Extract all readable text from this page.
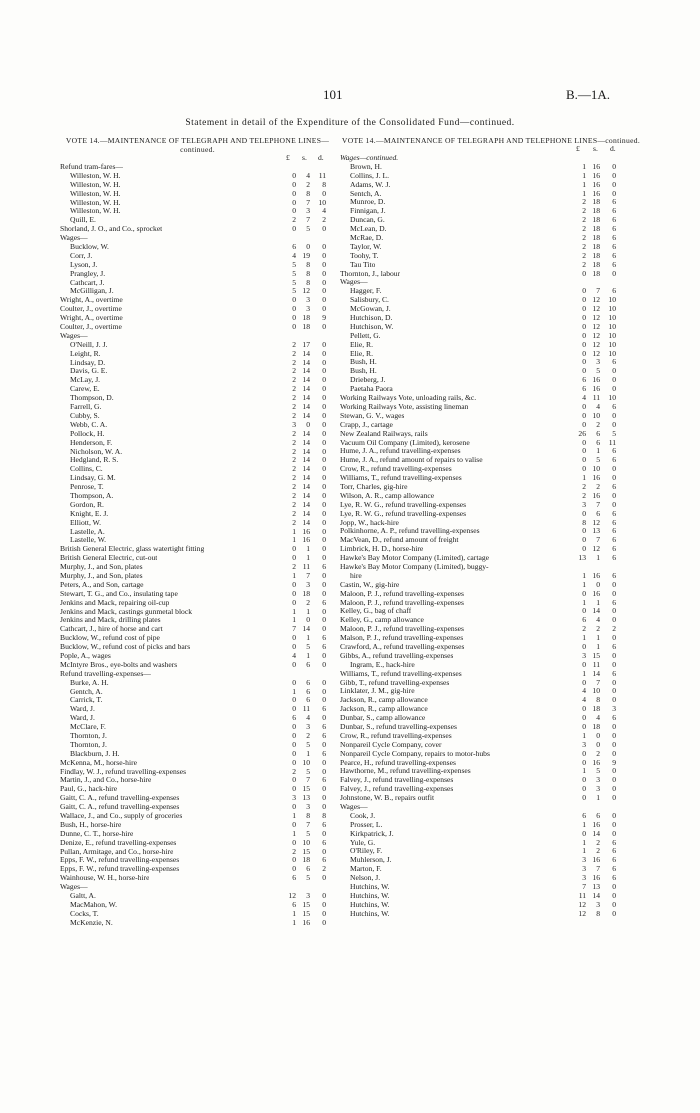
101	B.—1A.
Statement in detail of the Expenditure of the Consolidated Fund—continued.
VOTE 14.—MAINTENANCE OF TELEGRAPH AND TELEPHONE LINES—continued.
£ s. d.
Refund tram-fares—
Willeston, W. H.	0	4	11
Willeston, W. H.	0	2	8
Willeston, W. H.	0	8	0
Willeston, W. H.	0	7	10
Willeston, W. H.	0	3	4
Quill, E.	2	7	2
Shorland, J. O., and Co., sprocket	0	5	0
Wages—
Bucklow, W.	6	0	0
Corr, J.	4 19	0
Lyson, J.	5	8	0
Prangley, J.	5	8	0
Cathcart, J.	5	8	0
McGilligan, J.	5 12	0
Wright, A., overtime	0	3	0
Coulter, J., overtime	0	3	0
Wright, A., overtime	0 18	9
Coulter, J., overtime	0 18	0
Wages—
O'Neill, J. J.	2 17	0
Leight, R.	2 14	0
Lindsay, D.	2 14	0
Davis, G. E.	2 14	0
McLay, J.	2 14	0
Carew, E.	2 14	0
Thompson, D.	2 14	0
Farrell, G.	2 14	0
Cubby, S.	2 14	0
Webb, C. A.	3	0	0
Pollock, H.	2 14	0
Henderson, F.	2 14	0
Nicholson, W. A.	2 14	0
Hedgland, R. S.	2 14	0
Collins, C.	2 14	0
Lindsay, G. M.	2 14	0
Penrose, T.	2 14	0
Thompson, A.	2 14	0
Gordon, R.	2 14	0
Knight, E. J.	2 14	0
Elliott, W.	2 14	0
Lastelle, A.	1 16	0
Lastelle, W.	1 16	0
British General Electric, glass watertight fitting	0	1	0
British General Electric, cut-out	0	1	0
Murphy, J., and Son, plates	2 11	6
Murphy, J., and Son, plates	1	7	0
Peters, A., and Son, cartage	0	3	0
Stewart, T. G., and Co., insulating tape	0 18	0
Jenkins and Mack, repairing oil-cup	0	2	6
Jenkins and Mack, castings gunmetal block	1	1	0
Jenkins and Mack, drilling plates	1	0	0
Cathcart, J., hire of horse and cart	7 14	0
Bucklow, W., refund cost of pipe	0	1	6
Bucklow, W., refund cost of picks and bars	0	5	6
Pople, A., wages	4	1	0
McIntyre Bros., eye-bolts and washers	0	6	0
Refund travelling-expenses—
Burke, A. H.	0	6	0
Gentch, A.	1	6	0
Carrick, T.	0	6	0
Ward, J.	0 11	6
Ward, J.	6	4	0
McClare, F.	0	3	6
Thornton, J.	0	2	6
Thornton, J.	0	5	0
Blackburn, J. H.	0	1	6
McKenna, M., horse-hire	0 10	0
Findlay, W. J., refund travelling-expenses	2	5	0
Martin, J., and Co., horse-hire	0	7	6
Paul, G., hack-hire	0 15	0
Gaitt, C. A., refund travelling-expenses	3 13	0
Gaitt, C. A., refund travelling-expenses	0	3	0
Wallace, J., and Co., supply of groceries	1	8	8
Bush, H., horse-hire	0	7	6
Dunne, C. T., horse-hire	1	5	0
Denize, E., refund travelling-expenses	0 10	6
Pullan, Armitage, and Co., horse-hire	2 15	0
Epps, F. W., refund travelling-expenses	0 18	6
Epps, F. W., refund travelling-expenses	0	6	2
Wainhouse, W. H., horse-hire	6	5	0
Wages—
Galtt, A.	12	3	0
MacMahon, W.	6 15	0
Cocks, T.	1 15	0
McKenzie, N.	1 16	0
VOTE 14.—MAINTENANCE OF TELEGRAPH AND TELEPHONE LINES—continued.
£ s. d.
Wages—continued.
Brown, H.	1 16	0
Collins, J. L.	1 16	0
Adams, W. J.	1 16	0
Sentch, A.	1 16	0
Munroe, D.	2 18	6
Finnigan, J.	2 18	6
Duncan, G.	2 18	6
McLean, D.	2 18	6
McRae, D.	2 18	6
Taylor, W.	2 18	6
Toohy, T.	2 18	6
Tau Tito	2 18	6
Thornton, J., labour	0 18	0
Wages—
Hagger, F.	0	7	6
Salisbury, C.	0 12	10
McGowan, J.	0 12	10
Hutchison, D.	0 12	10
Hutchison, W.	0 12	10
Pellett, G.	0 12	10
Elie, R.	0 12	10
Elie, R.	0 12	10
Bush, H.	0	3	6
Bush, H.	0	5	0
Drieberg, J.	6 16	0
Paetaha Paora	6 16	0
Working Railways Vote, unloading rails, &c.	4 11	10
Working Railways Vote, assisting lineman	0	4	6
Stewan, G. V., wages	0 10	0
Crapp, J., cartage	0	2	0
New Zealand Railways, rails	26	6	5
Vacuum Oil Company (Limited), kerosene	0	6	11
Hume, J. A., refund travelling-expenses	0	1	6
Hume, J. A., refund amount of repairs to valise	0	5	6
Crow, R., refund travelling-expenses	0 10	0
Williams, T., refund travelling-expenses	1 16	0
Torr, Charles, gig-hire	2	2	6
Wilson, A. R., camp allowance	2 16	0
Lye, R. W. G., refund travelling-expenses	3	7	0
Lye, R. W. G., refund travelling-expenses	0	6	6
Jopp, W., hack-hire	8 12	6
Polkinhorne, A. P., refund travelling-expenses	0 13	6
MacVean, D., refund amount of freight	0	7	6
Limbrick, H. D., horse-hire	0 12	6
Hawke's Bay Motor Company (Limited), cartage	13	1	6
Hawke's Bay Motor Company (Limited), buggy-
hire	1 16	6
Castin, W., gig-hire	1	0	0
Maloon, P. J., refund travelling-expenses	0 16	0
Maloon, P. J., refund travelling-expenses	1	1	6
Kelley, G., bag of chaff	0 14	0
Kelley, G., camp allowance	6	4	0
Maloon, P. J., refund travelling-expenses	2	2	2
Malson, P. J., refund travelling-expenses	1	1	0
Crawford, A., refund travelling-expenses	0	1	6
Gibbs, A., refund travelling-expenses	3 15	0
Ingram, E., hack-hire	0 11	0
Williams, T., refund travelling-expenses	1 14	6
Gibb, T., refund travelling-expenses	0	7	0
Linklater, J. M., gig-hire	4 10	0
Jackson, R., camp allowance	4	8	0
Jackson, R., camp allowance	0 18	3
Dunbar, S., camp allowance	0	4	6
Dunbar, S., refund travelling-expenses	0 18	0
Crow, R., refund travelling-expenses	1	0	0
Nonpareil Cycle Company, cover	3	0	0
Nonpareil Cycle Company, repairs to motor-hubs	0	2	0
Pearce, H., refund travelling-expenses	0 16	9
Hawthorne, M., refund travelling-expenses	1	5	0
Falvey, J., refund travelling-expenses	0	3	0
Falvey, J., refund travelling-expenses	0	3	0
Johnstone, W. B., repairs outfit	0	1	0
Wages—
Cook, J.	6	6	0
Prosser, L.	1 16	0
Kirkpatrick, J.	0 14	0
Yule, G.	1	2	6
O'Riley, F.	1	2	6
Muhlerson, J.	3 16	6
Marton, F.	3	7	6
Nelson, J.	3 16	6
Hutchins, W.	7 13	0
Hutchins, W.	11 14	0
Hutchins, W.	12	3	0
Hutchins, W.	12	8	0
